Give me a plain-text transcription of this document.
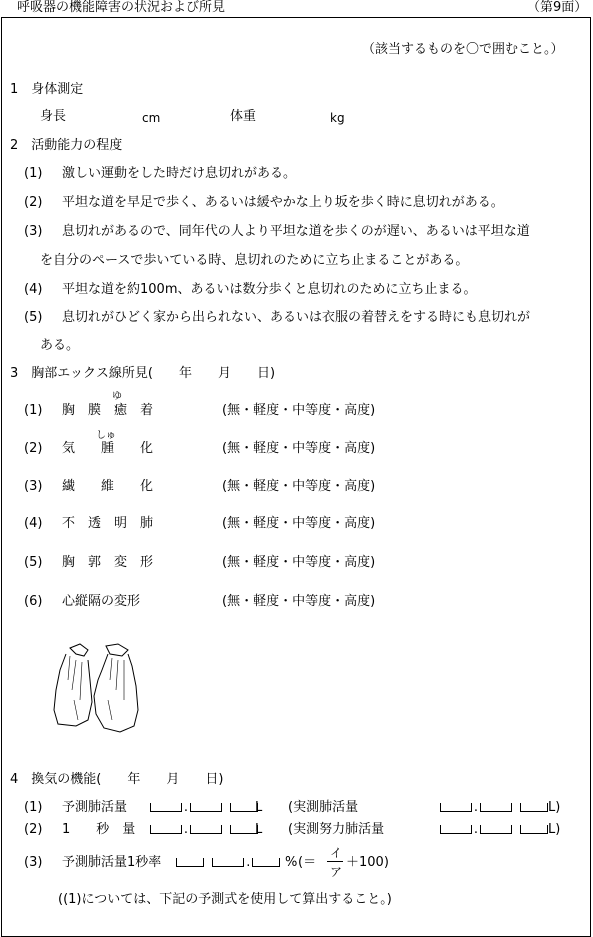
呼吸器の機能障害の状況および所見	（第9面）
（該当するものを〇で囲むこと。）
1　身体測定
身長	cm	体重	kg
2　活動能力の程度
(1) 激しい運動をした時だけ息切れがある。
(2) 平坦な道を早足で歩く、あるいは緩やかな上り坂を歩く時に息切れがある。
(3) 息切れがあるので、同年代の人より平坦な道を歩くのが遅い、あるいは平坦な道
を自分のペースで歩いている時、息切れのために立ち止まることがある。
(4) 平坦な道を約100m、あるいは数分歩くと息切れのために立ち止まる。
(5) 息切れがひどく家から出られない、あるいは衣服の着替えをする時にも息切れが
ある。
3　胸部エックス線所見(　　年　　月　　日)
ゆ
(1) 胸　膜　癒　着	(無・軽度・中等度・高度)
しゅ
(2) 気　　腫　　化	(無・軽度・中等度・高度)
(3) 繊　　維　　化	(無・軽度・中等度・高度)
(4) 不　透　明　肺	(無・軽度・中等度・高度)
(5) 胸　郭　変　形	(無・軽度・中等度・高度)
(6) 心縦隔の変形	(無・軽度・中等度・高度)
4　換気の機能(　　年　　月　　日)
(1) 予測肺活量	.	L (実測肺活量	.	L)
(2) 1　　秒　量	.	L (実測努力肺活量	.	L)
(3) 予測肺活量1秒率	.	% (＝
イ
ア
＋100)
((1)については、下記の予測式を使用して算出すること。)
